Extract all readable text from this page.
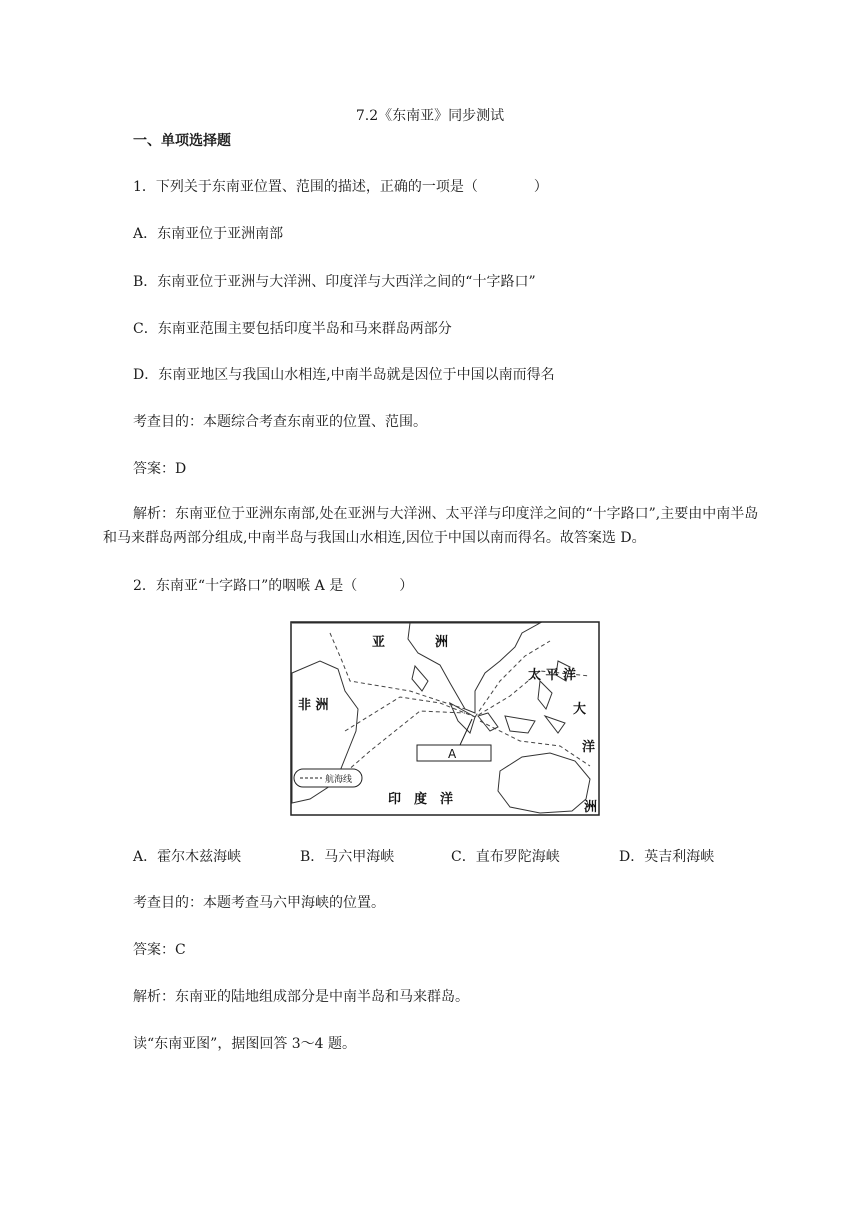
7.2《东南亚》同步测试
一、单项选择题
1．下列关于东南亚位置、范围的描述，正确的一项是（　　　　）
A．东南亚位于亚洲南部
B．东南亚位于亚洲与大洋洲、印度洋与大西洋之间的“十字路口”
C．东南亚范围主要包括印度半岛和马来群岛两部分
D．东南亚地区与我国山水相连,中南半岛就是因位于中国以南而得名
考查目的：本题综合考查东南亚的位置、范围。
答案：D
解析：东南亚位于亚洲东南部,处在亚洲与大洋洲、太平洋与印度洋之间的“十字路口”,主要由中南半岛和马来群岛两部分组成,中南半岛与我国山水相连,因位于中国以南而得名。故答案选 D。
2．东南亚“十字路口”的咽喉 A 是（　　　）
亚	洲
非 洲
太 平 洋
大
洋
洲
印　度　洋
A
航海线
A．霍尔木兹海峡	B．马六甲海峡	C．直布罗陀海峡	D．英吉利海峡
考查目的：本题考查马六甲海峡的位置。
答案：C
解析：东南亚的陆地组成部分是中南半岛和马来群岛。
读“东南亚图”，据图回答 3～4 题。
